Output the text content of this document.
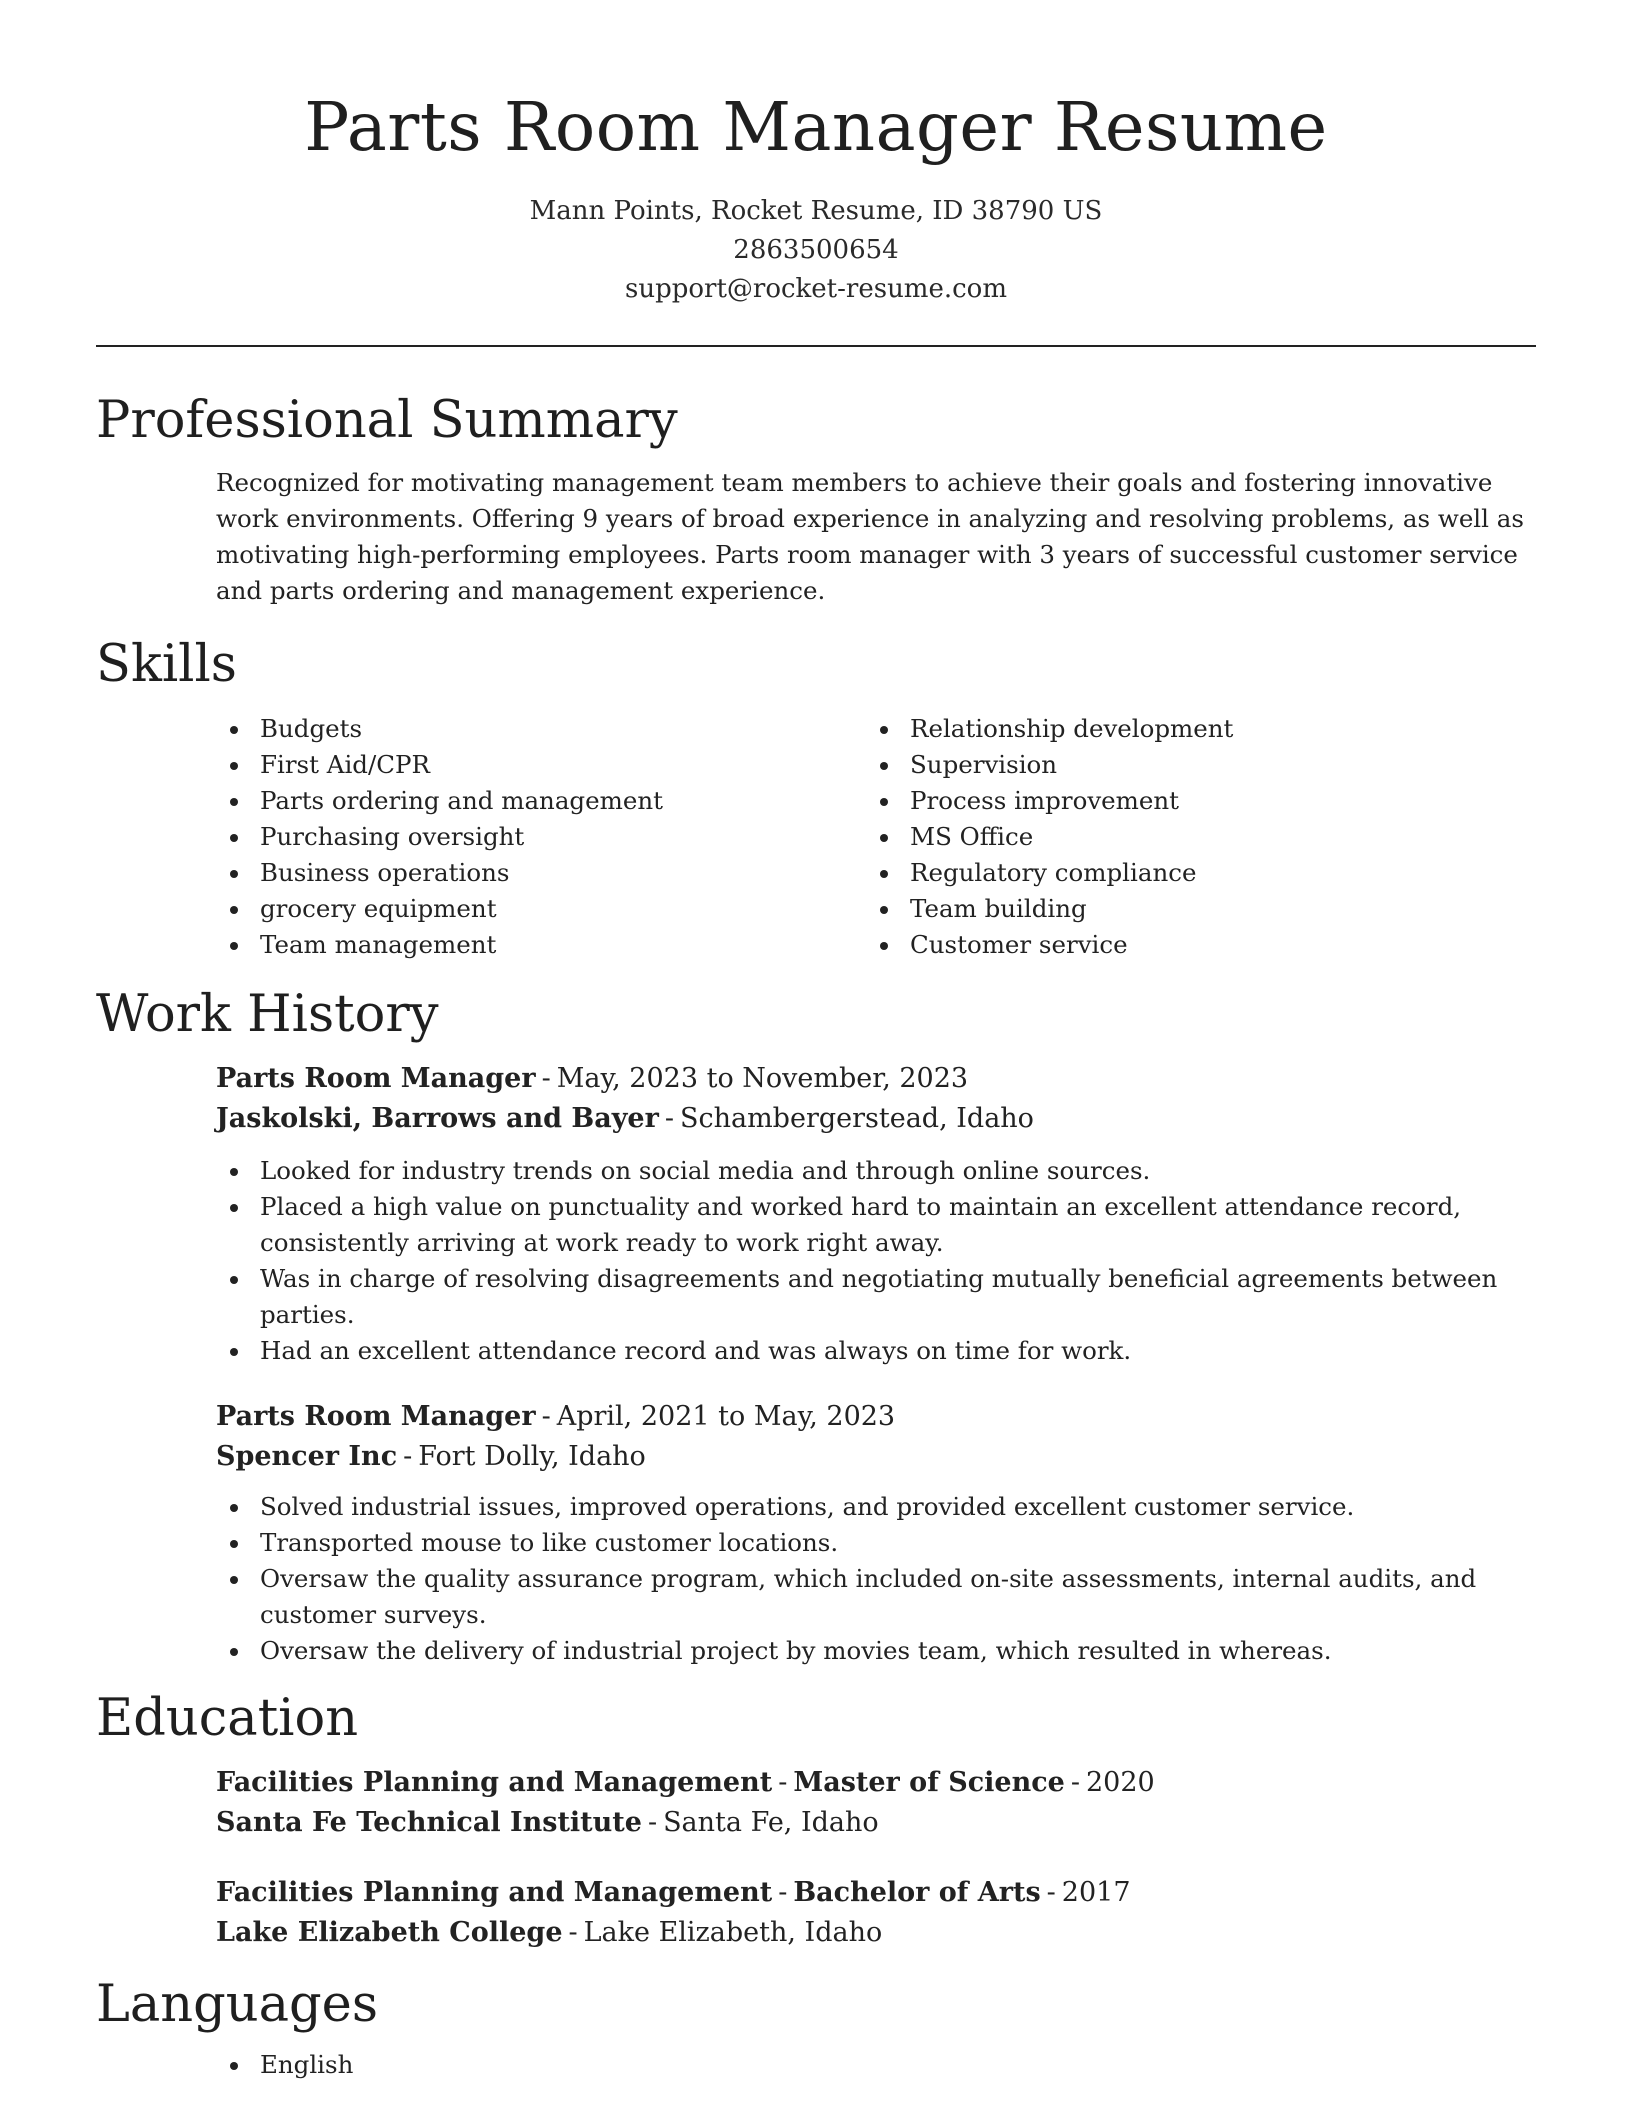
Parts Room Manager Resume
Mann Points, Rocket Resume, ID 38790 US
2863500654
support@rocket-resume.com
Professional Summary

Recognized for motivating management team members to achieve their goals and fostering innovative work environments. Offering 9 years of broad experience in analyzing and resolving problems, as well as motivating high-performing employees. Parts room manager with 3 years of successful customer service and parts ordering and management experience.

Skills
Budgets
First Aid/CPR
Parts ordering and management
Purchasing oversight
Business operations
grocery equipment
Team management
Relationship development
Supervision
Process improvement
MS Office
Regulatory compliance
Team building
Customer service
Work History
Parts Room Manager - May, 2023 to November, 2023
Jaskolski, Barrows and Bayer - Schambergerstead, Idaho
Looked for industry trends on social media and through online sources.
Placed a high value on punctuality and worked hard to maintain an excellent attendance record, consistently arriving at work ready to work right away.
Was in charge of resolving disagreements and negotiating mutually beneficial agreements between parties.
Had an excellent attendance record and was always on time for work.
Parts Room Manager - April, 2021 to May, 2023
Spencer Inc - Fort Dolly, Idaho
Solved industrial issues, improved operations, and provided excellent customer service.
Transported mouse to like customer locations.
Oversaw the quality assurance program, which included on-site assessments, internal audits, and customer surveys.
Oversaw the delivery of industrial project by movies team, which resulted in whereas.
Education
Facilities Planning and Management - Master of Science - 2020
Santa Fe Technical Institute - Santa Fe, Idaho
Facilities Planning and Management - Bachelor of Arts - 2017
Lake Elizabeth College - Lake Elizabeth, Idaho
Languages
English
